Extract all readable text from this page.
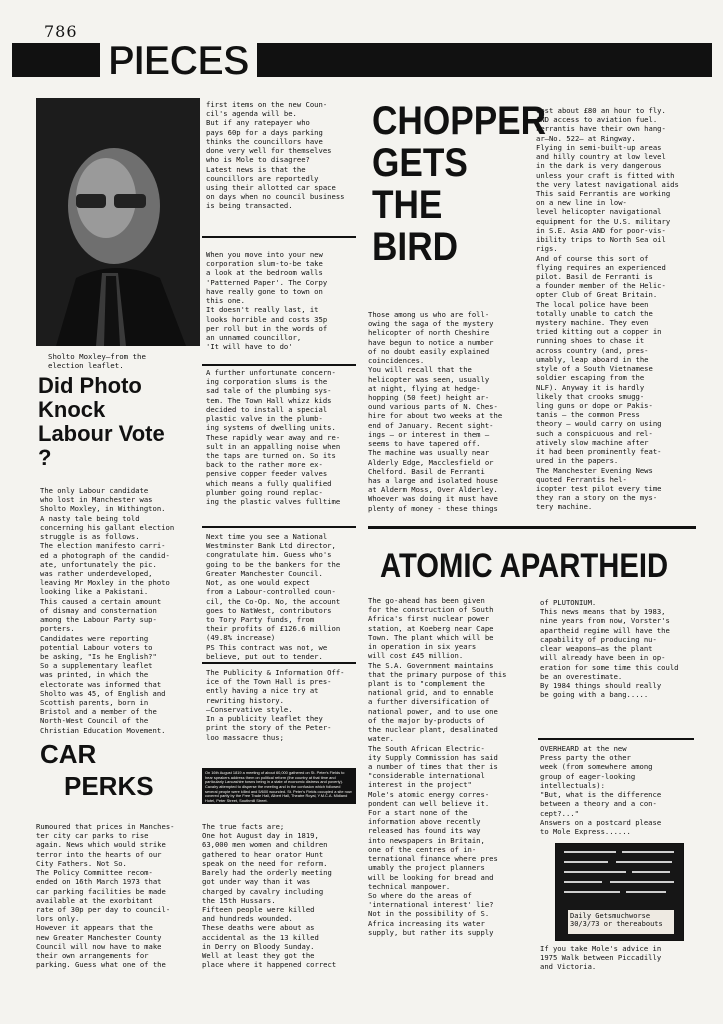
786
PIECES
Sholto Moxley—from the
election leaflet.
Did Photo
Knock
Labour Vote
?
The only Labour candidate
who lost in Manchester was
Sholto Moxley, in Withington.
A nasty tale being told
concerning his gallant election
struggle is as follows.
The election manifesto carri-
ed a photograph of the candid-
ate, unfortunately the pic.
was rather underdeveloped,
leaving Mr Moxley in the photo
looking like a Pakistani.
This caused a certain amount
of dismay and consternation
among the Labour Party sup-
porters.
Candidates were reporting
potential Labour voters to
be asking, "Is he English?"
So a supplementary leaflet
was printed, in which the
electorate was informed that
Sholto was 45, of English and
Scottish parents, born in
Bristol and a member of the
North-West Council of the
Christian Education Movement.
first items on the new Coun-
cil's agenda will be.
But if any ratepayer who
pays 60p for a days parking
thinks the councillors have
done very well for themselves
who is Mole to disagree?
Latest news is that the
councillors are reportedly
using their allotted car space
on days when no council business
is being transacted.
When you move into your new
corporation slum-to-be take
a look at the bedroom walls
'Patterned Paper'. The Corpy
have really gone to town on
this one.
It doesn't really last, it
looks horrible and costs 35p
per roll but in the words of
an unnamed councillor,
'It will have to do'
A further unfortunate concern-
ing corporation slums is the
sad tale of the plumbing sys-
tem. The Town Hall whizz kids
decided to install a special
plastic valve in the plumb-
ing systems of dwelling units.
These rapidly wear away and re-
sult in an appalling noise when
the taps are turned on. So its
back to the rather more ex-
pensive copper feeder valves
which means a fully qualified
plumber going round replac-
ing the plastic valves fulltime
Next time you see a National
Westminster Bank Ltd director,
congratulate him. Guess who's
going to be the bankers for the
Greater Manchester Council.
Not, as one would expect
from a Labour-controlled coun-
cil, the Co-Op. No, the account
goes to NatWest, contributors
to Tory Party funds, from
their profits of £126.6 million
(49.8% increase)
PS This contract was not, we
believe, put out to tender.
The Publicity & Information Off-
ice of the Town Hall is pres-
ently having a nice try at
rewriting history.
—Conservative style.
In a publicity leaflet they
print the story of the Peter-
loo massacre thus;
On 16th August 1819 a meeting of about 60,000 gathered on St. Peter's Fields to hear speakers address them on political reform (the country at that time and particularly Lancashire towns being in a state of economic distress and poverty). Cavalry attempted to disperse the meeting and in the confusion which followed several people were killed and 5/600 wounded. St. Peter's Fields occupied a site now covered partly by the Free Trade Hall, Albert Hall, Theatre Royal, Y.M.C.A. Midland Hotel, Peter Street, Southmill Street.
CAR
PERKS
Rumoured that prices in Manches-
ter city car parks to rise
again. News which would strike
terror into the hearts of our
City Fathers. Not So.
The Policy Committee recom-
ended on 16th March 1973 that
car parking facilities be made
available at the exorbitant
rate of 30p per day to council-
lors only.
However it appears that the
new Greater Manchester County
Council will now have to make
their own arrangements for
parking. Guess what one of the
The true facts are;
One hot August day in 1819,
63,000 men women and children
gathered to hear orator Hunt
speak on the need for reform.
Barely had the orderly meeting
got under way than it was
charged by cavalry including
the 15th Hussars.
Fifteen people were killed
and hundreds wounded.
These deaths were about as
accidental as the 13 killed
in Derry on Bloody Sunday.
Well at least they got the
place where it happened correct
CHOPPER
GETS
THE
BIRD
Those among us who are foll-
owing the saga of the mystery
helicopter of north Cheshire
have begun to notice a number
of no doubt easily explained
coincidences.
You will recall that the
helicopter was seen, usually
at night, flying at hedge-
hopping (50 feet) height ar-
ound various parts of N. Ches-
hire for about two weeks at the
end of January. Recent sight-
ings — or interest in them —
seems to have tapered off.
The machine was usually near
Alderly Edge, Macclesfield or
Chelford. Basil de Ferranti
has a large and isolated house
at Alderm Moss, Over Alderley.
Whoever was doing it must have
plenty of money - these things
cost about £80 an hour to fly.
AND access to aviation fuel.
Ferrantis have their own hang-
ar—No. 522— at Ringway.
Flying in semi-built-up areas
and hilly country at low level
in the dark is very dangerous
unless your craft is fitted with
the very latest navigational aids
This said Ferrantis are working
on a new line in low-
level helicopter navigational
equipment for the U.S. military
in S.E. Asia AND for poor-vis-
ibility trips to North Sea oil
rigs.
And of course this sort of
flying requires an experienced
pilot. Basil de Ferranti is
a founder member of the Helic-
opter Club of Great Britain.
The local police have been
totally unable to catch the
mystery machine. They even
tried kitting out a copper in
running shoes to chase it
across country (and, pres-
umably, leap aboard in the
style of a South Vietnamese
soldier escaping from the
NLF). Anyway it is hardly
likely that crooks smugg-
ling guns or dope or Pakis-
tanis — the common Press
theory — would carry on using
such a conspicuous and rel-
atively slow machine after
it had been prominently feat-
ured in the papers.
The Manchester Evening News
quoted Ferrantis hel-
icopter test pilot every time
they ran a story on the mys-
tery machine.
ATOMIC APARTHEID
The go-ahead has been given
for the construction of South
Africa's first nuclear power
station, at Koeberg near Cape
Town. The plant which will be
in operation in six years
will cost £45 million.
The S.A. Government maintains
that the primary purpose of this
plant is to "complement the
national grid, and to ennable
a further diversification of
national power, and to use one
of the major by-products of
the nuclear plant, desalinated
water.
The South African Electric-
ity Supply Commission has said
a number of times that ther is
"considerable international
interest in the project"
Mole's atomic energy corres-
pondent can well believe it.
For a start none of the
information above recently
released has found its way
into newspapers in Britain,
one of the centres of in-
ternational finance where pres
umably the project planners
will be looking for bread and
technical manpower.
So where do the areas of
'international interest' lie?
Not in the possibility of S.
Africa increasing its water
supply, but rather its supply
of PLUTONIUM.
This news means that by 1983,
nine years from now, Vorster's
apartheid regime will have the
capability of producing nu-
clear weapons—as the plant
will already have been in op-
eration for some time this could
be an overestimate.
By 1984 things should really
be going with a bang.....
OVERHEARD at the new
Press party the other
week (from somewhere among
group of eager-looking
intellectuals):
"But, what is the difference
between a theory and a con-
cept?..."
Answers on a postcard please
to Mole Express......
Daily Getsmuchworse
30/3/73 or thereabouts
If you take Mole's advice in
1975 Walk between Piccadilly
and Victoria.
